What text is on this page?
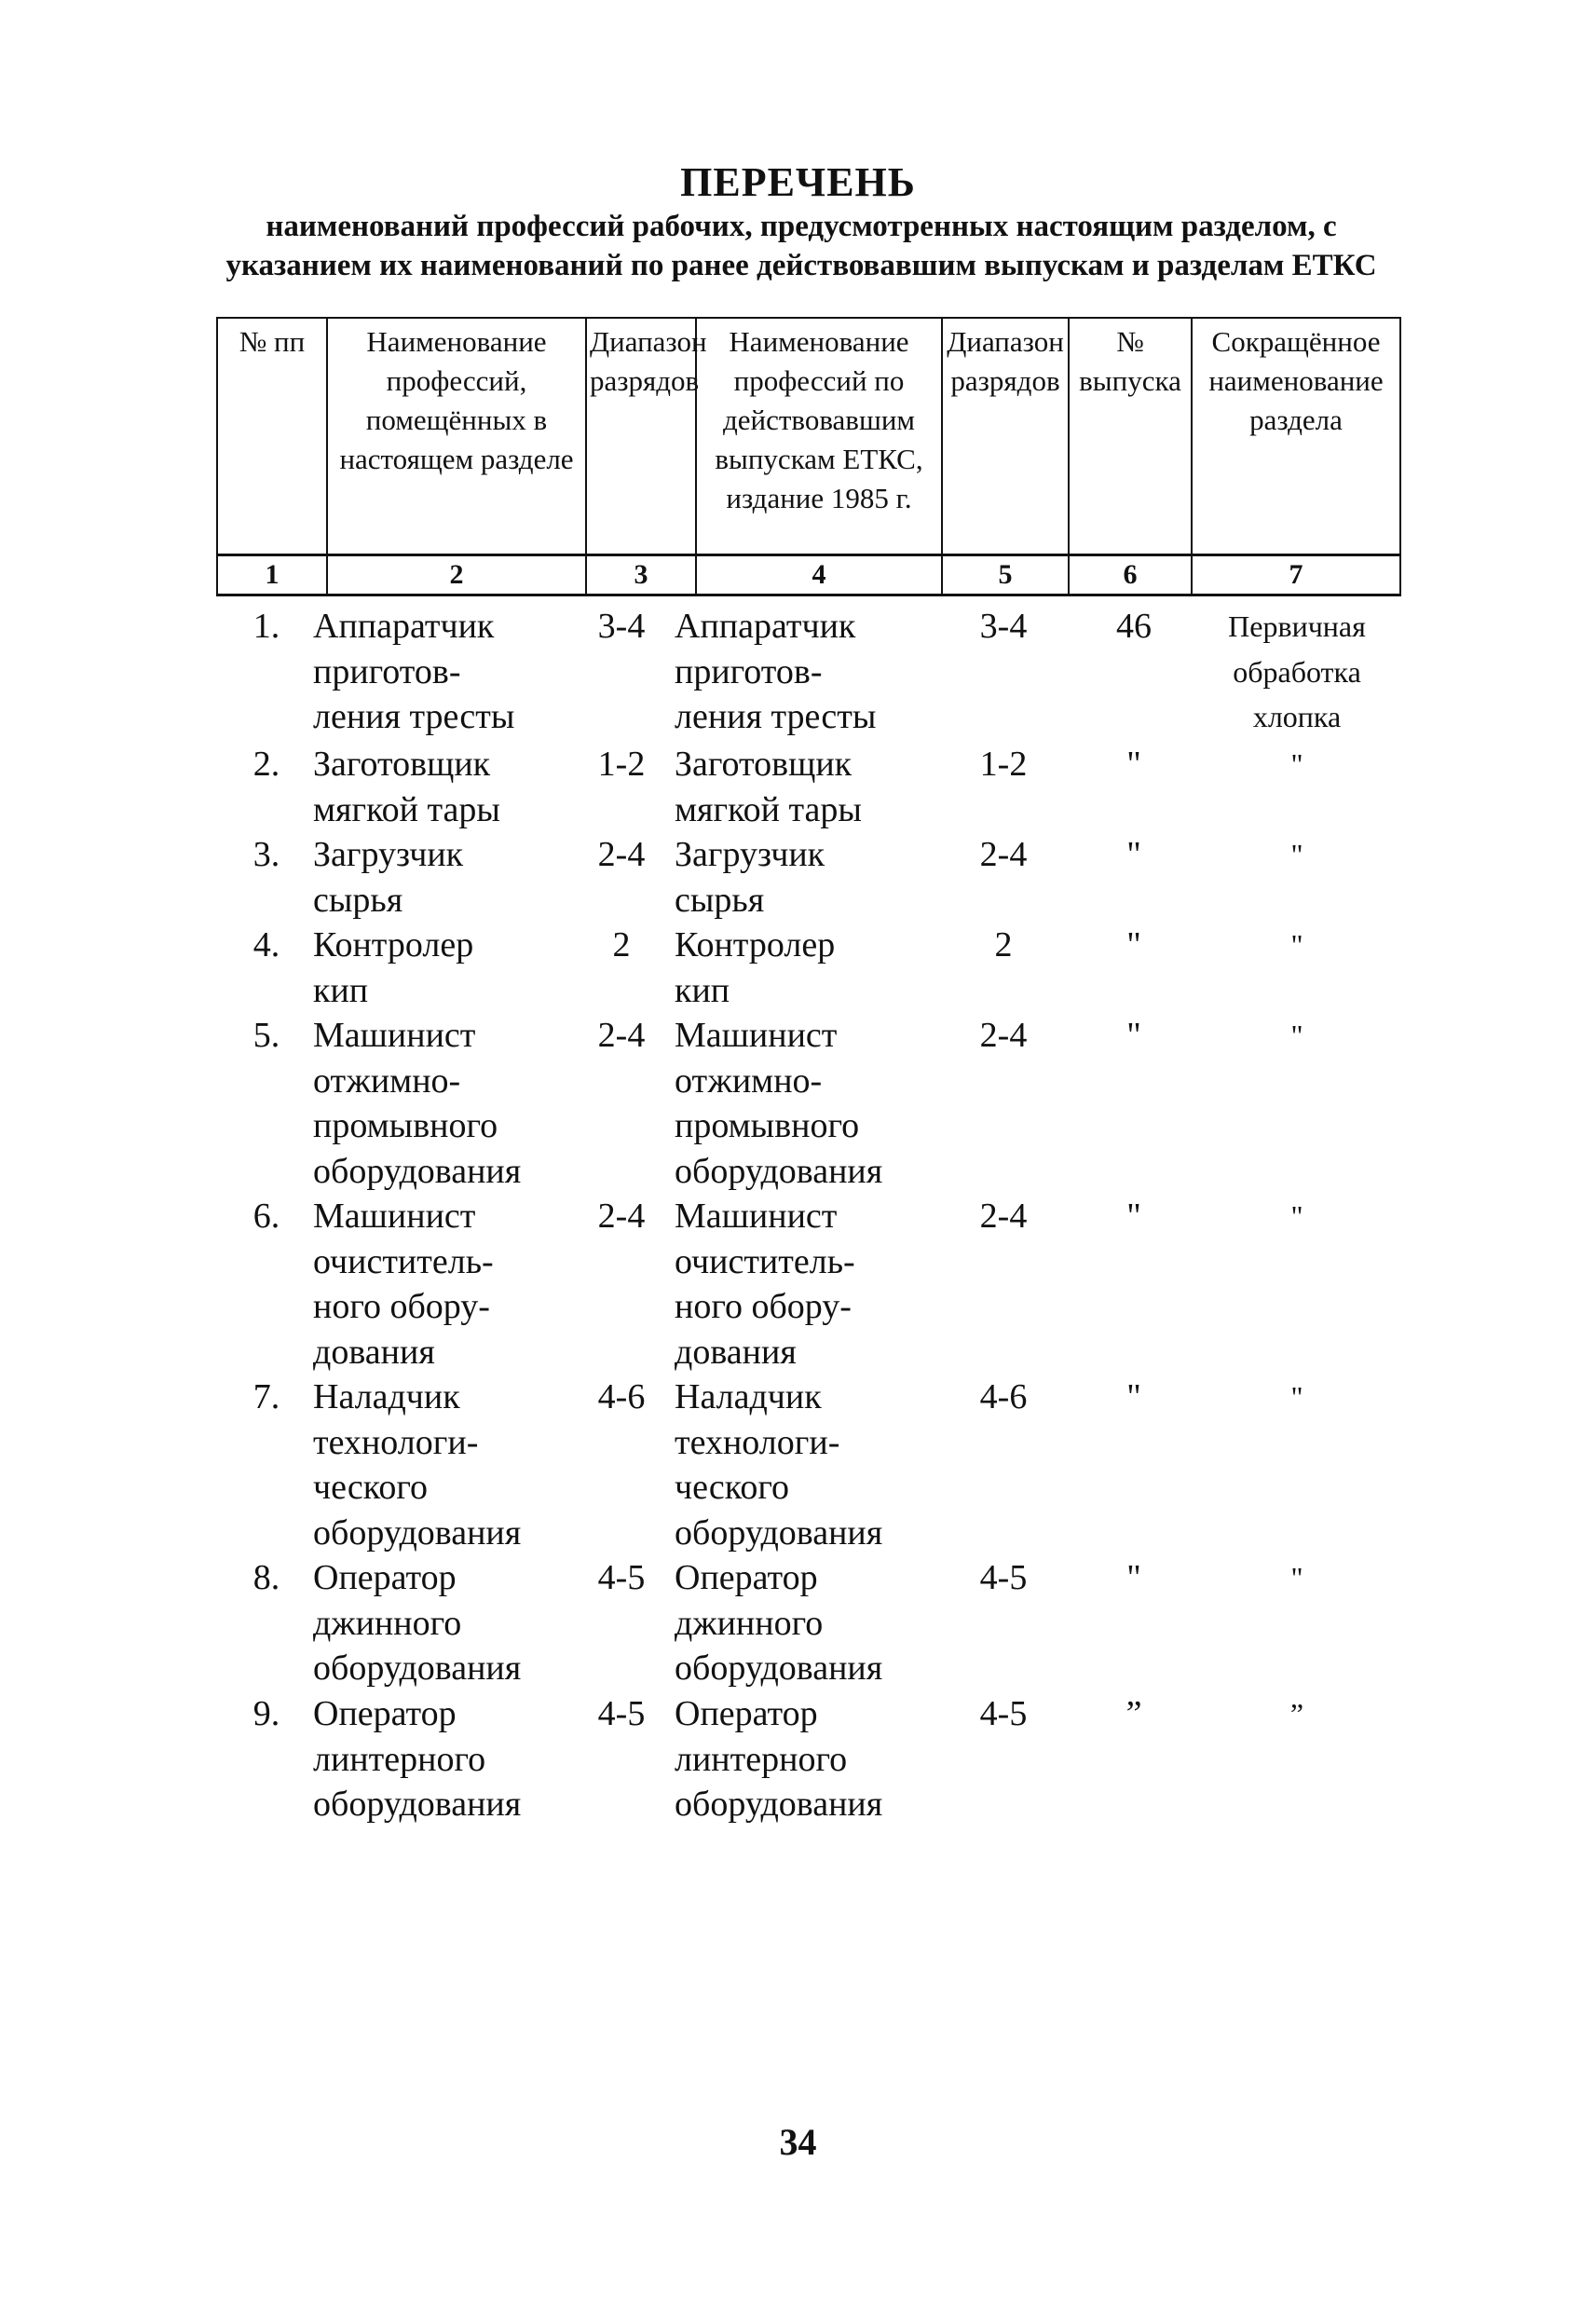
ПЕРЕЧЕНЬ
наименований профессий рабочих, предусмотренных настоящим разделом, с указанием их наименований по ранее действовавшим выпускам и разделам ЕТКС
№ пп	Наименование профессий, помещённых в настоящем разделе	Диапазон разрядов	Наименование профессий по действовавшим выпускам ЕТКС, издание 1985 г.	Диапазон разрядов	№ выпуска	Сокращённое наименование раздела
1	2	3	4	5	6	7
1.	Аппаратчик
приготов-
ления тресты	3-4	Аппаратчик
приготов-
ления тресты	3-4	46	Первичная
обработка
хлопка
2.	Заготовщик
мягкой тары	1-2	Заготовщик
мягкой тары	1-2	"	"
3.	Загрузчик
сырья	2-4	Загрузчик
сырья	2-4	"	"
4.	Контролер
кип	2	Контролер
кип	2	"	"
5.	Машинист
отжимно-
промывного
оборудования	2-4	Машинист
отжимно-
промывного
оборудования	2-4	"	"
6.	Машинист
очиститель-
ного обору-
дования	2-4	Машинист
очиститель-
ного обору-
дования	2-4	"	"
7.	Наладчик
технологи-
ческого
оборудования	4-6	Наладчик
технологи-
ческого
оборудования	4-6	"	"
8.	Оператор
джинного
оборудования	4-5	Оператор
джинного
оборудования	4-5	"	"
9.	Оператор
линтерного
оборудования	4-5	Оператор
линтерного
оборудования	4-5	”	”
34
